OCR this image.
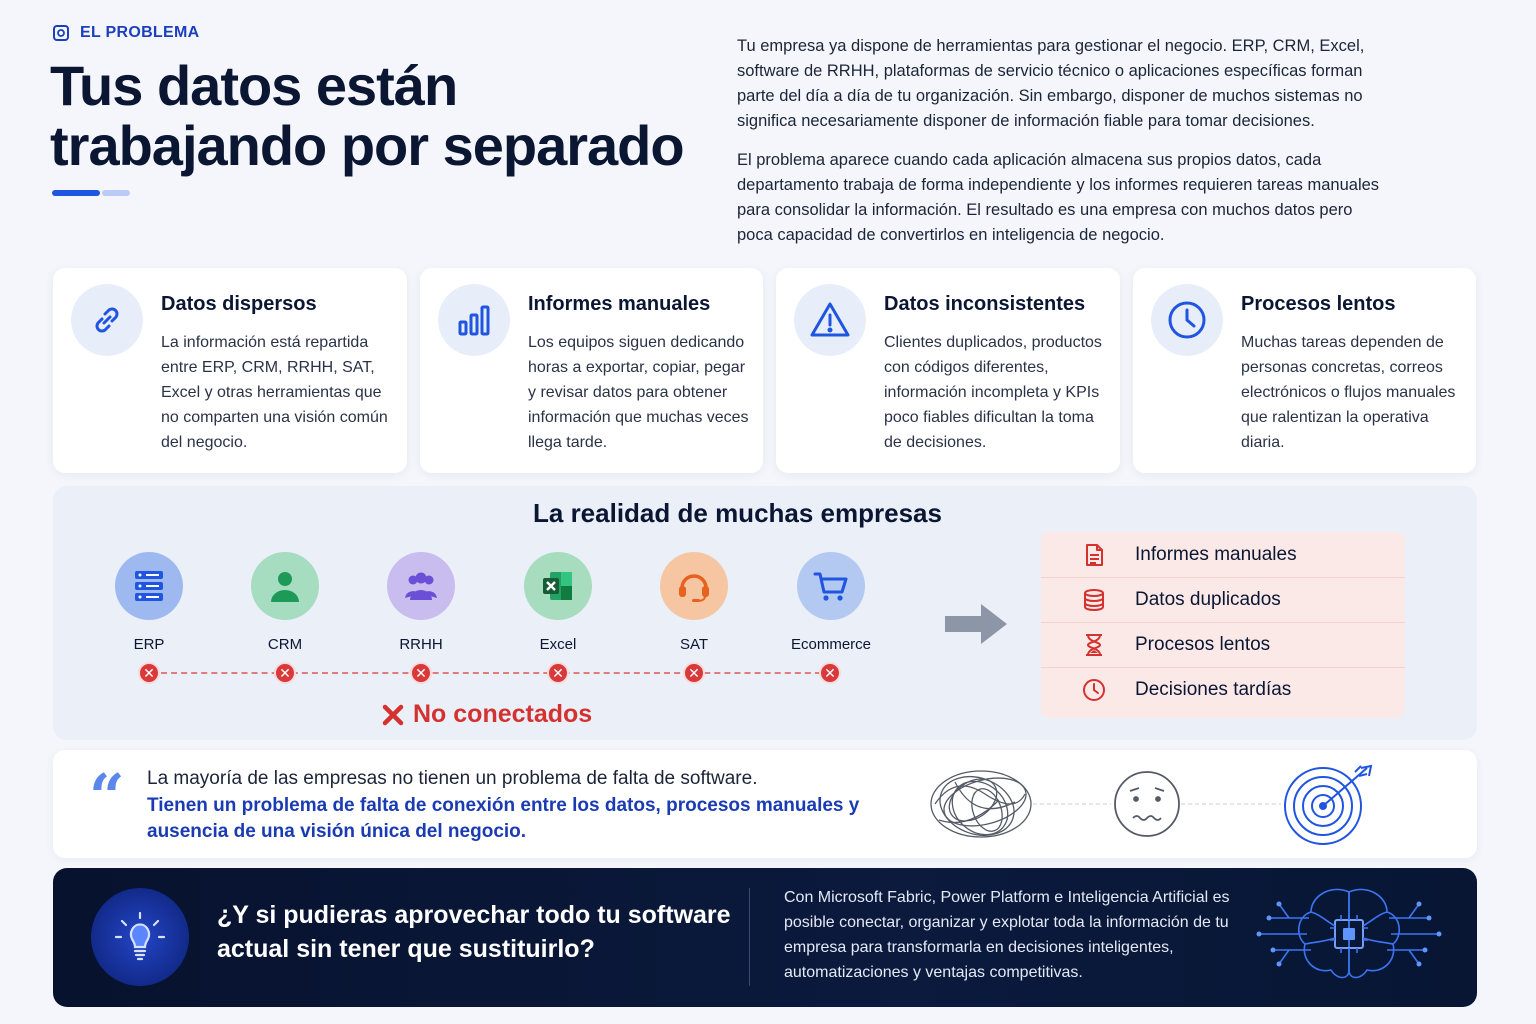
EL PROBLEMA
Tus datos están
trabajando por separado

Tu empresa ya dispone de herramientas para gestionar el negocio. ERP, CRM, Excel, software de RRHH, plataformas de servicio técnico o aplicaciones específicas forman parte del día a día de tu organización. Sin embargo, disponer de muchos sistemas no significa necesariamente disponer de información fiable para tomar decisiones.

El problema aparece cuando cada aplicación almacena sus propios datos, cada departamento trabaja de forma independiente y los informes requieren tareas manuales para consolidar la información. El resultado es una empresa con muchos datos pero poca capacidad de convertirlos en inteligencia de negocio.

Datos dispersos

La información está repartida entre ERP, CRM, RRHH, SAT, Excel y otras herramientas que no comparten una visión común del negocio.

Informes manuales

Los equipos siguen dedicando horas a exportar, copiar, pegar y revisar datos para obtener información que muchas veces llega tarde.

Datos inconsistentes

Clientes duplicados, productos con códigos diferentes, información incompleta y KPIs poco fiables dificultan la toma de decisiones.

Procesos lentos

Muchas tareas dependen de personas concretas, correos electrónicos o flujos manuales que ralentizan la operativa diaria.

La realidad de muchas empresas
ERP	CRM	RRHH	Excel	SAT	Ecommerce
✕	✕	✕	✕	✕	✕
No conectados
Informes manuales
Datos duplicados
Procesos lentos
Decisiones tardías
“ La mayoría de las empresas no tienen un problema de falta de software.
Tienen un problema de falta de conexión entre los datos, procesos manuales y ausencia de una visión única del negocio.
¿Y si pudieras aprovechar todo tu software actual sin tener que sustituirlo?
Con Microsoft Fabric, Power Platform e Inteligencia Artificial es posible conectar, organizar y explotar toda la información de tu empresa para transformarla en decisiones inteligentes, automatizaciones y ventajas competitivas.
